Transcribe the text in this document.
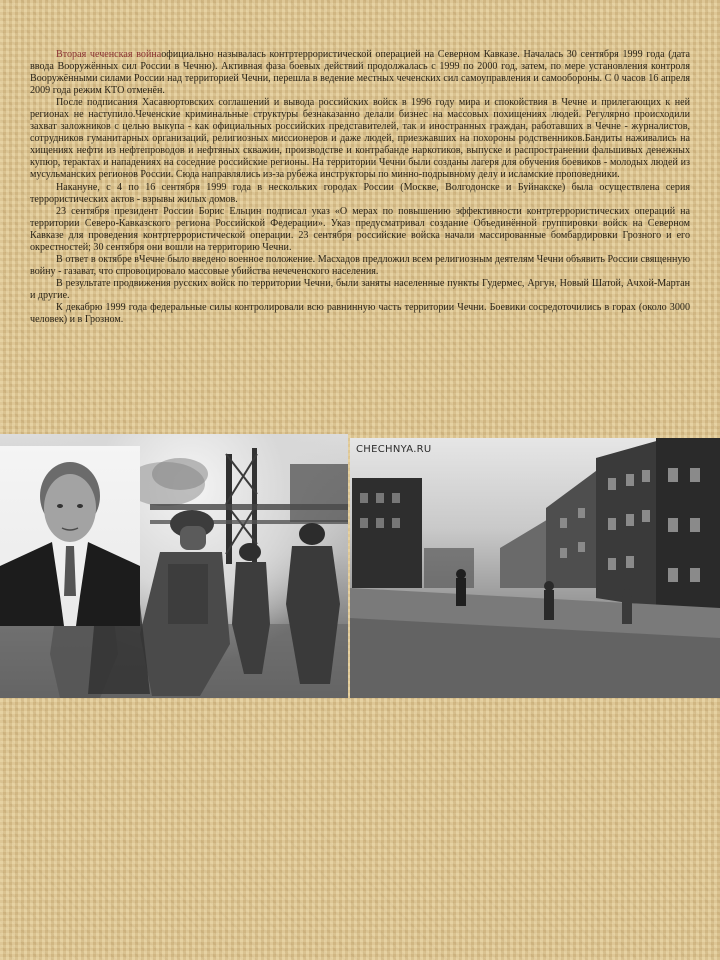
Вторая чеченская войнаофициально называлась контртеррористической операцией на Северном Кавказе. Началась 30 сентября 1999 года (дата ввода Вооружённых сил России в Чечню). Активная фаза боевых действий продолжалась с 1999 по 2000 год, затем, по мере установления контроля Вооружёнными силами России над территорией Чечни, перешла в ведение местных чеченских сил самоуправления и самообороны. С 0 часов 16 апреля 2009 года режим КТО отменён.

После подписания Хасавюртовских соглашений и вывода российских войск в 1996 году мира и спокойствия в Чечне и прилегающих к ней регионах не наступило.Чеченские криминальные структуры безнаказанно делали бизнес на массовых похищениях людей. Регулярно происходили захват заложников с целью выкупа - как официальных российских представителей, так и иностранных граждан, работавших в Чечне - журналистов, сотрудников гуманитарных организаций, религиозных миссионеров и даже людей, приезжавших на похороны родственников.Бандиты наживались на хищениях нефти из нефтепроводов и нефтяных скважин, производстве и контрабанде наркотиков, выпуске и распространении фальшивых денежных купюр, терактах и нападениях на соседние российские регионы. На территории Чечни были созданы лагеря для обучения боевиков - молодых людей из мусульманских регионов России. Сюда направлялись из-за рубежа инструкторы по минно-подрывному делу и исламские проповедники.

Накануне, с 4 по 16 сентября 1999 года в нескольких городах России (Москве, Волгодонске и Буйнакске) была осуществлена серия террористических актов - взрывы жилых домов.

23 сентября президент России Борис Ельцин подписал указ «О мерах по повышению эффективности контртеррористических операций на территории Северо-Кавказского региона Российской Федерации». Указ предусматривал создание Объединённой группировки войск на Северном Кавказе для проведения контртеррористической операции. 23 сентября российские войска начали массированные бомбардировки Грозного и его окрестностей; 30 сентября они вошли на территорию Чечни.

В ответ в октябре вЧечне было введено военное положение. Масхадов предложил всем религиозным деятелям Чечни объявить России священную войну - газават, что спровоцировало массовые убийства нечеченского населения.

В результате продвижения русских войск по территории Чечни, были заняты населенные пункты Гудермес, Аргун, Новый Шатой, Ачхой-Мартан и другие.

К декабрю 1999 года федеральные силы контролировали всю равнинную часть территории Чечни. Боевики сосредоточились в горах (около 3000 человек) и в Грозном.

CHECHNYA.RU
